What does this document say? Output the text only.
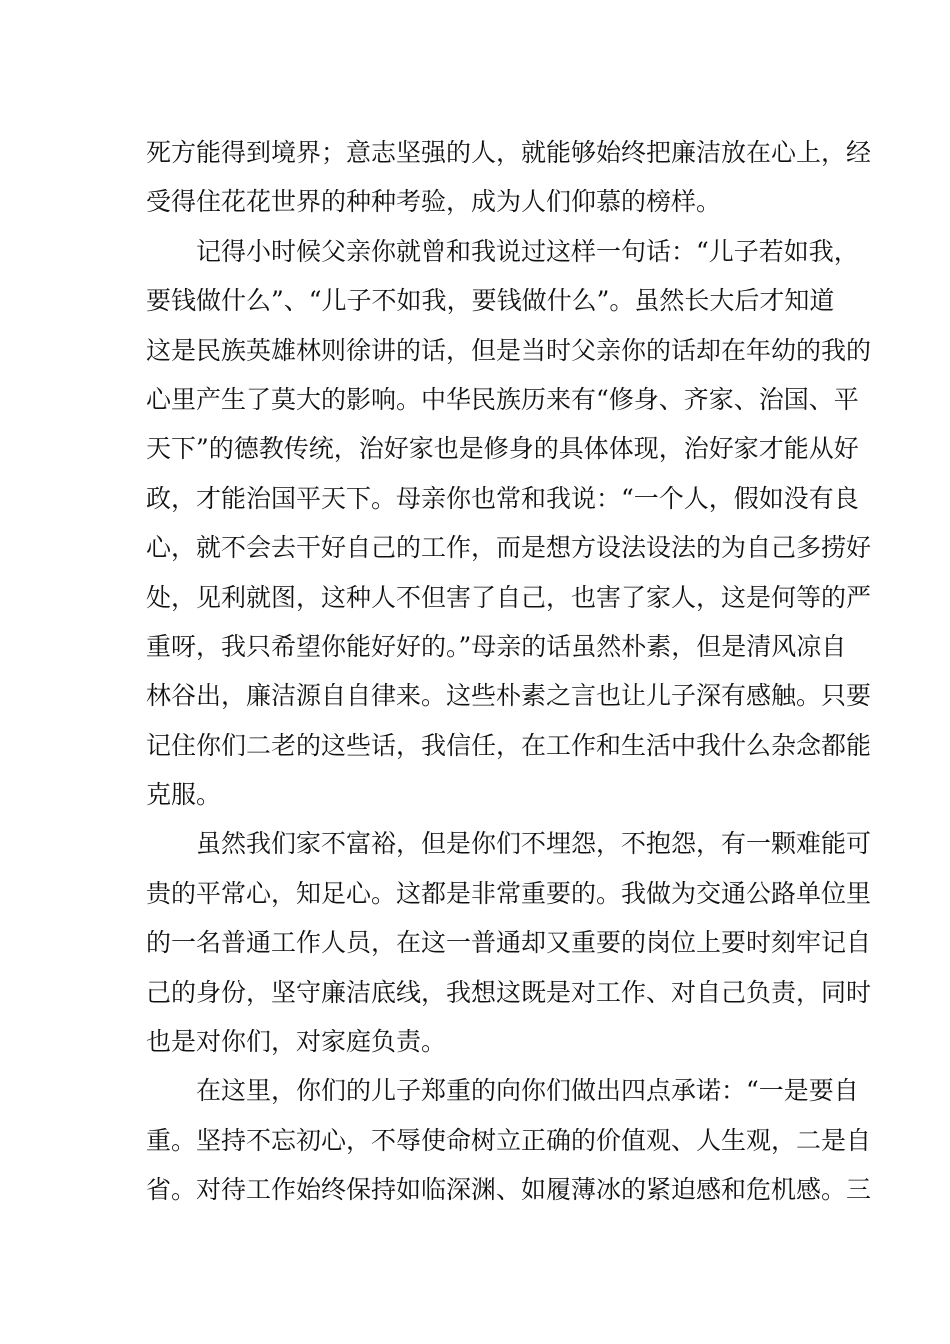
死方能得到境界；意志坚强的人，就能够始终把廉洁放在心上，经
受得住花花世界的种种考验，成为人们仰慕的榜样。
记得小时候父亲你就曾和我说过这样一句话：“儿子若如我，
要钱做什么”、“儿子不如我，要钱做什么”。虽然长大后才知道
这是民族英雄林则徐讲的话，但是当时父亲你的话却在年幼的我的
心里产生了莫大的影响。中华民族历来有“修身、齐家、治国、平
天下”的德教传统，治好家也是修身的具体体现，治好家才能从好
政，才能治国平天下。母亲你也常和我说：“一个人，假如没有良
心，就不会去干好自己的工作，而是想方设法设法的为自己多捞好
处，见利就图，这种人不但害了自己，也害了家人，这是何等的严
重呀，我只希望你能好好的。”母亲的话虽然朴素，但是清风凉自
林谷出，廉洁源自自律来。这些朴素之言也让儿子深有感触。只要
记住你们二老的这些话，我信任，在工作和生活中我什么杂念都能
克服。
虽然我们家不富裕，但是你们不埋怨，不抱怨，有一颗难能可
贵的平常心，知足心。这都是非常重要的。我做为交通公路单位里
的一名普通工作人员，在这一普通却又重要的岗位上要时刻牢记自
己的身份，坚守廉洁底线，我想这既是对工作、对自己负责，同时
也是对你们，对家庭负责。
在这里，你们的儿子郑重的向你们做出四点承诺：“一是要自
重。坚持不忘初心，不辱使命树立正确的价值观、人生观，二是自
省。对待工作始终保持如临深渊、如履薄冰的紧迫感和危机感。三
